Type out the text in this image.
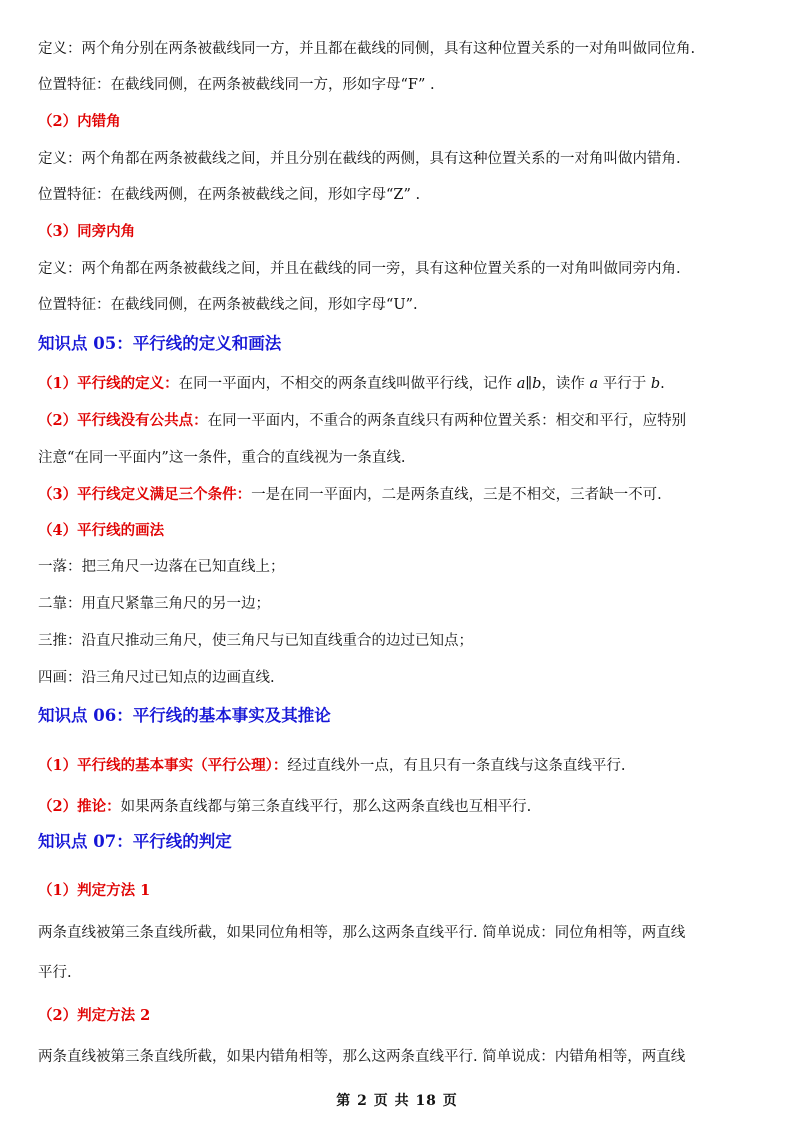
定义：两个角分别在两条被截线同一方，并且都在截线的同侧，具有这种位置关系的一对角叫做同位角.
位置特征：在截线同侧，在两条被截线同一方，形如字母“F” .
（2）内错角
定义：两个角都在两条被截线之间，并且分别在截线的两侧，具有这种位置关系的一对角叫做内错角.
位置特征：在截线两侧，在两条被截线之间，形如字母“Z” .
（3）同旁内角
定义：两个角都在两条被截线之间，并且在截线的同一旁，具有这种位置关系的一对角叫做同旁内角.
位置特征：在截线同侧，在两条被截线之间，形如字母“U”.
知识点 05：平行线的定义和画法
（1）平行线的定义：在同一平面内，不相交的两条直线叫做平行线，记作 a∥b，读作 a 平行于 b.
（2）平行线没有公共点：在同一平面内，不重合的两条直线只有两种位置关系：相交和平行，应特别
注意“在同一平面内”这一条件，重合的直线视为一条直线.
（3）平行线定义满足三个条件：一是在同一平面内，二是两条直线，三是不相交，三者缺一不可.
（4）平行线的画法
一落：把三角尺一边落在已知直线上；
二靠：用直尺紧靠三角尺的另一边；
三推：沿直尺推动三角尺，使三角尺与已知直线重合的边过已知点；
四画：沿三角尺过已知点的边画直线.
知识点 06：平行线的基本事实及其推论
（1）平行线的基本事实（平行公理）：经过直线外一点，有且只有一条直线与这条直线平行.
（2）推论：如果两条直线都与第三条直线平行，那么这两条直线也互相平行.
知识点 07：平行线的判定
（1）判定方法 1
两条直线被第三条直线所截，如果同位角相等，那么这两条直线平行. 简单说成：同位角相等，两直线
平行.
（2）判定方法 2
两条直线被第三条直线所截，如果内错角相等，那么这两条直线平行. 简单说成：内错角相等，两直线
第 2 页 共 18 页
